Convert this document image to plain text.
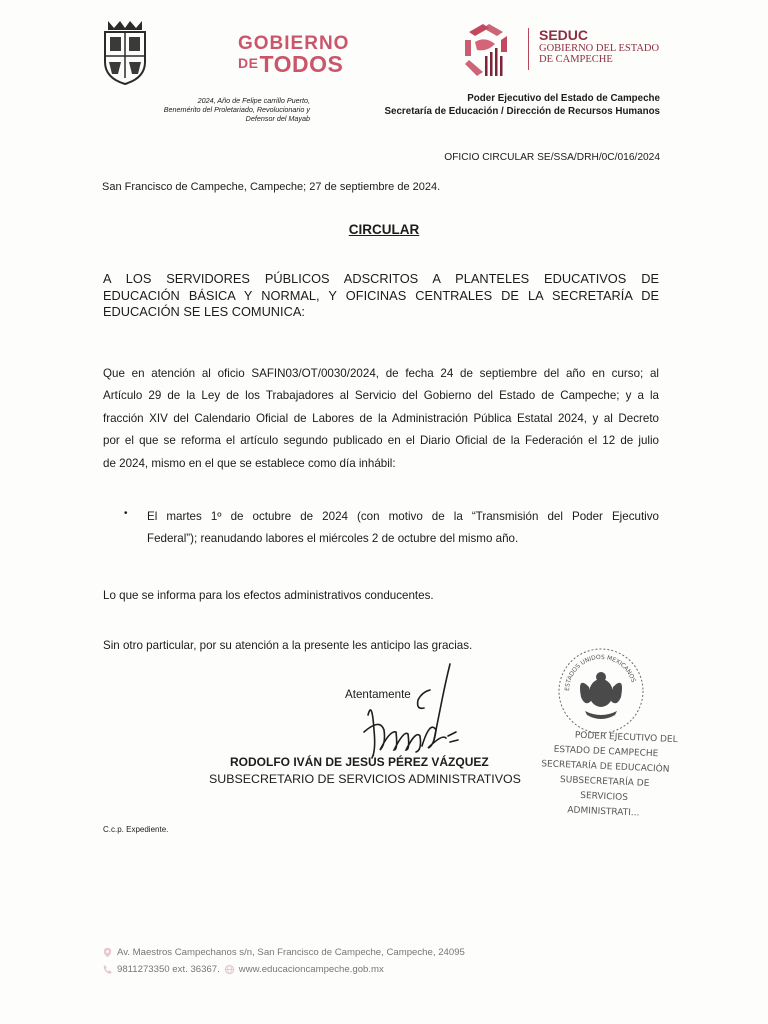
GOBIERNO
DETODOS
2024, Año de Felipe carrillo Puerto,
Benemérito del Proletariado, Revolucionario y
Defensor del Mayab
SEDUC
GOBIERNO DEL ESTADO
DE CAMPECHE
Poder Ejecutivo del Estado de Campeche
Secretaría de Educación / Dirección de Recursos Humanos
OFICIO CIRCULAR SE/SSA/DRH/0C/016/2024
San Francisco de Campeche, Campeche; 27 de septiembre de 2024.
CIRCULAR
A LOS SERVIDORES PÚBLICOS ADSCRITOS A PLANTELES EDUCATIVOS DE
EDUCACIÓN BÁSICA Y NORMAL, Y OFICINAS CENTRALES DE LA SECRETARÍA DE
EDUCACIÓN SE LES COMUNICA:
Que en atención al oficio SAFIN03/OT/0030/2024, de fecha 24 de septiembre del año en curso; al
Artículo 29 de la Ley de los Trabajadores al Servicio del Gobierno del Estado de Campeche; y a la
fracción XIV del Calendario Oficial de Labores de la Administración Pública Estatal 2024, y al Decreto
por el que se reforma el artículo segundo publicado en el Diario Oficial de la Federación el 12 de julio
de 2024, mismo en el que se establece como día inhábil:
• El martes 1º de octubre de 2024 (con motivo de la “Transmisión del Poder Ejecutivo
Federal”); reanudando labores el miércoles 2 de octubre del mismo año.
Lo que se informa para los efectos administrativos conducentes.
Sin otro particular, por su atención a la presente les anticipo las gracias.
Atentamente
RODOLFO IVÁN DE JESÚS PÉREZ VÁZQUEZ
SUBSECRETARIO DE SERVICIOS ADMINISTRATIVOS
ESTADOS UNIDOS MEXICANOS
PODER EJECUTIVO DEL
ESTADO DE CAMPECHE
SECRETARÍA DE EDUCACIÓN
SUBSECRETARÍA DE
SERVICIOS
ADMINISTRATI...
C.c.p. Expediente.
Av. Maestros Campechanos s/n, San Francisco de Campeche, Campeche, 24095
9811273350 ext. 36367. www.educacioncampeche.gob.mx
